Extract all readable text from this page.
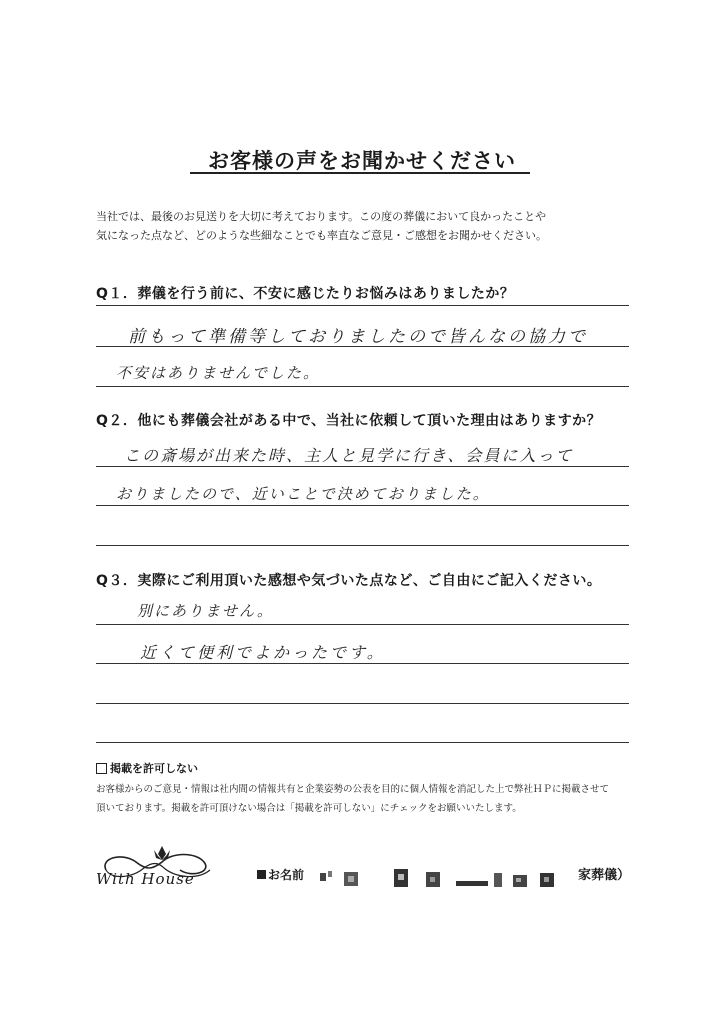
お客様の声をお聞かせください
当社では、最後のお見送りを大切に考えております。この度の葬儀において良かったことや
気になった点など、どのような些細なことでも率直なご意見・ご感想をお聞かせください。
Q１．葬儀を行う前に、不安に感じたりお悩みはありましたか？
前もって準備等しておりましたので皆んなの協力で
不安はありませんでした。
Q２．他にも葬儀会社がある中で、当社に依頼して頂いた理由はありますか？
この斎場が出来た時、主人と見学に行き、会員に入って
おりましたので、近いことで決めておりました。
Q３．実際にご利用頂いた感想や気づいた点など、ご自由にご記入ください。
別にありません。
近くて便利でよかったです。
掲載を許可しない
お客様からのご意見・情報は社内間の情報共有と企業姿勢の公表を目的に個人情報を消記した上で弊社ＨＰに掲載させて
頂いております。掲載を許可頂けない場合は「掲載を許可しない」にチェックをお願いいたします。
With House	お名前	家葬儀）
